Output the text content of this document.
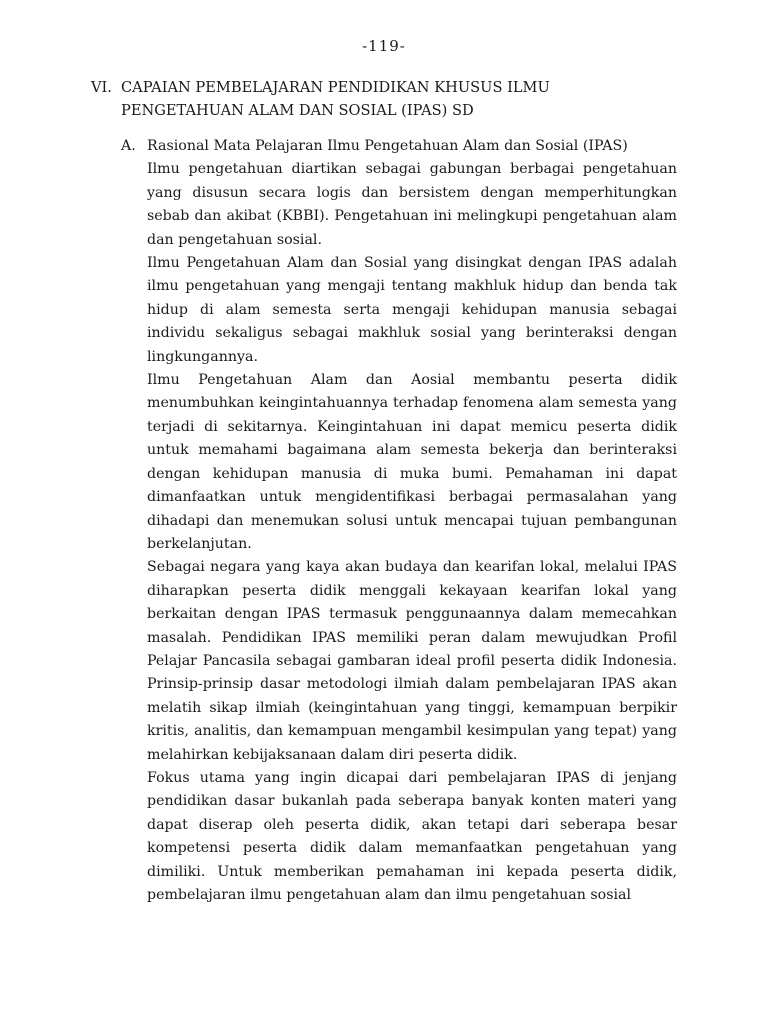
-119-
VI. CAPAIAN PEMBELAJARAN PENDIDIKAN KHUSUS ILMU PENGETAHUAN ALAM DAN SOSIAL (IPAS) SD
A. Rasional Mata Pelajaran Ilmu Pengetahuan Alam dan Sosial (IPAS)

Ilmu pengetahuan diartikan sebagai gabungan berbagai pengetahuan yang disusun secara logis dan bersistem dengan memperhitungkan sebab dan akibat (KBBI). Pengetahuan ini melingkupi pengetahuan alam dan pengetahuan sosial.

Ilmu Pengetahuan Alam dan Sosial yang disingkat dengan IPAS adalah ilmu pengetahuan yang mengaji tentang makhluk hidup dan benda tak hidup di alam semesta serta mengaji kehidupan manusia sebagai individu sekaligus sebagai makhluk sosial yang berinteraksi dengan lingkungannya.

Ilmu Pengetahuan Alam dan Aosial membantu peserta didik menumbuhkan keingintahuannya terhadap fenomena alam semesta yang terjadi di sekitarnya. Keingintahuan ini dapat memicu peserta didik untuk memahami bagaimana alam semesta bekerja dan berinteraksi dengan kehidupan manusia di muka bumi. Pemahaman ini dapat dimanfaatkan untuk mengidentifikasi berbagai permasalahan yang dihadapi dan menemukan solusi untuk mencapai tujuan pembangunan berkelanjutan.

Sebagai negara yang kaya akan budaya dan kearifan lokal, melalui IPAS diharapkan peserta didik menggali kekayaan kearifan lokal yang berkaitan dengan IPAS termasuk penggunaannya dalam memecahkan masalah. Pendidikan IPAS memiliki peran dalam mewujudkan Profil Pelajar Pancasila sebagai gambaran ideal profil peserta didik Indonesia. Prinsip-prinsip dasar metodologi ilmiah dalam pembelajaran IPAS akan melatih sikap ilmiah (keingintahuan yang tinggi, kemampuan berpikir kritis, analitis, dan kemampuan mengambil kesimpulan yang tepat) yang melahirkan kebijaksanaan dalam diri peserta didik.

Fokus utama yang ingin dicapai dari pembelajaran IPAS di jenjang pendidikan dasar bukanlah pada seberapa banyak konten materi yang dapat diserap oleh peserta didik, akan tetapi dari seberapa besar kompetensi peserta didik dalam memanfaatkan pengetahuan yang dimiliki. Untuk memberikan pemahaman ini kepada peserta didik, pembelajaran ilmu pengetahuan alam dan ilmu pengetahuan sosial
